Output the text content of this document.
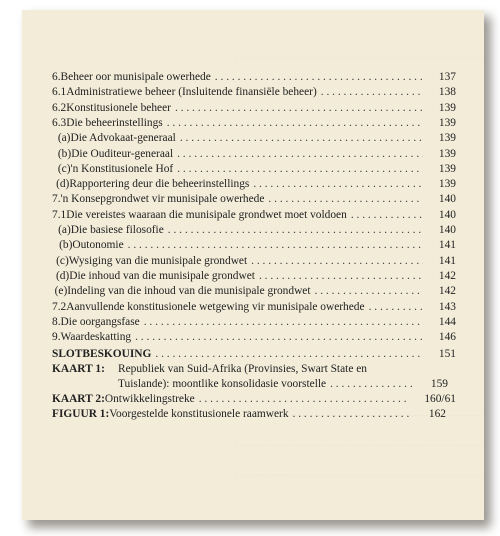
6. Beheer oor munisipale owerhede . . .	137
6.1 Administratiewe beheer (Insluitende finansiële beheer) . . .	138
6.2 Konstitusionele beheer . . .	139
6.3 Die beheerinstellings . . .	139
(a) Die Advokaat-generaal . . .	139
(b) Die Ouditeur-generaal . . .	139
(c) 'n Konstitusionele Hof . . .	139
(d) Rapportering deur die beheerinstellings . . .	139
7. 'n Konsepgrondwet vir munisipale owerhede . . .	140
7.1 Die vereistes waaraan die munisipale grondwet moet voldoen . . .	140
(a) Die basiese filosofie . . .	140
(b) Outonomie . . .	141
(c) Wysiging van die munisipale grondwet . . .	141
(d) Die inhoud van die munisipale grondwet . . .	142
(e) Indeling van die inhoud van die munisipale grondwet . . .	142
7.2 Aanvullende konstitusionele wetgewing vir munisipale owerhede . . .	143
8. Die oorgangsfase . . .	144
9. Waardeskatting . . .	146
SLOTBESKOUING . . .	151
KAART 1:	Republiek van Suid-Afrika (Provinsies, Swart State en
Tuislande): moontlike konsolidasie voorstelle . . .	159
KAART 2: Ontwikkelingstreke . . .	160/61
FIGUUR 1: Voorgestelde konstitusionele raamwerk . . .	162
